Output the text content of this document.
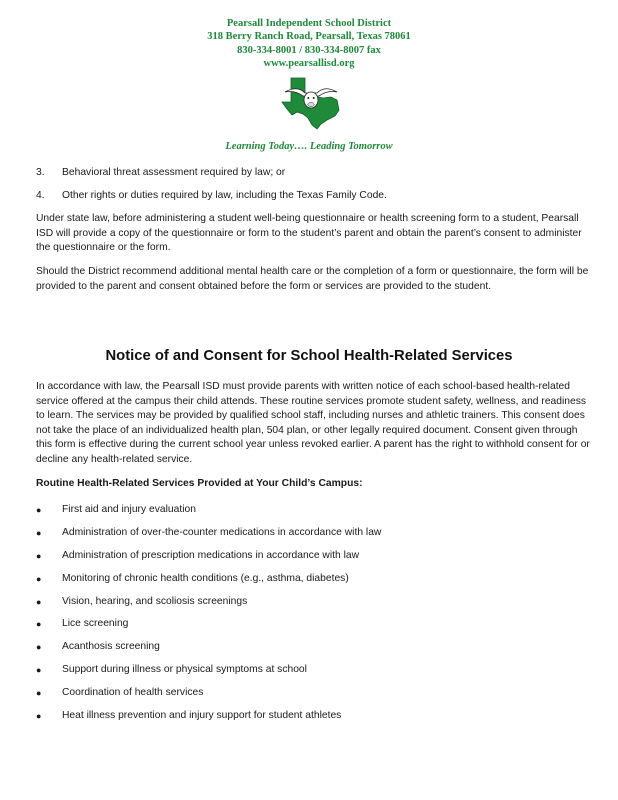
Pearsall Independent School District
318 Berry Ranch Road, Pearsall, Texas 78061
830-334-8001 / 830-334-8007 fax
www.pearsallisd.org
Learning Today…. Leading Tomorrow
3. Behavioral threat assessment required by law; or
4. Other rights or duties required by law, including the Texas Family Code.

Under state law, before administering a student well-being questionnaire or health screening form to a student, Pearsall ISD will provide a copy of the questionnaire or form to the student’s parent and obtain the parent’s consent to administer the questionnaire or the form.

Should the District recommend additional mental health care or the completion of a form or questionnaire, the form will be provided to the parent and consent obtained before the form or services are provided to the student.

Notice of and Consent for School Health-Related Services

In accordance with law, the Pearsall ISD must provide parents with written notice of each school-based health-related service offered at the campus their child attends. These routine services promote student safety, wellness, and readiness to learn. The services may be provided by qualified school staff, including nurses and athletic trainers. This consent does not take the place of an individualized health plan, 504 plan, or other legally required document. Consent given through this form is effective during the current school year unless revoked earlier. A parent has the right to withhold consent for or decline any health-related service.

Routine Health-Related Services Provided at Your Child’s Campus:
● First aid and injury evaluation
● Administration of over-the-counter medications in accordance with law
● Administration of prescription medications in accordance with law
● Monitoring of chronic health conditions (e.g., asthma, diabetes)
● Vision, hearing, and scoliosis screenings
● Lice screening
● Acanthosis screening
● Support during illness or physical symptoms at school
● Coordination of health services
● Heat illness prevention and injury support for student athletes
